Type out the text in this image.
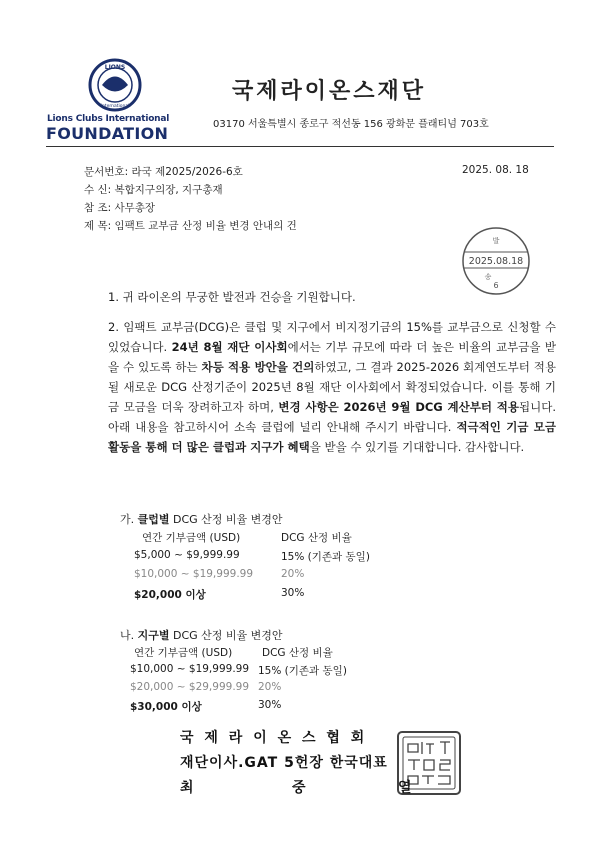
LIONS
International
Lions Clubs International
FOUNDATION
국제라이온스재단
03170 서울특별시 종로구 적선동 156 광화문 플래티넘 703호
문서번호: 라국 제2025/2026-6호
수 신: 복합지구의장, 지구총재
참 조: 사무총장
제 목: 임팩트 교부금 산정 비율 변경 안내의 건
2025. 08. 18
발
2025.08.18
송
6
1. 귀 라이온의 무궁한 발전과 건승을 기원합니다.
2. 임팩트 교부금(DCG)은 클럽 및 지구에서 비지정기금의 15%를 교부금으로 신청할 수 있었습니다. 24년 8월 재단 이사회에서는 기부 규모에 따라 더 높은 비율의 교부금을 받을 수 있도록 하는 차등 적용 방안을 건의하였고, 그 결과 2025-2026 회계연도부터 적용될 새로운 DCG 산정기준이 2025년 8월 재단 이사회에서 확정되었습니다. 이를 통해 기금 모금을 더욱 장려하고자 하며, 변경 사항은 2026년 9월 DCG 계산부터 적용됩니다. 아래 내용을 참고하시어 소속 클럽에 널리 안내해 주시기 바랍니다. 적극적인 기금 모금 활동을 통해 더 많은 클럽과 지구가 혜택을 받을 수 있기를 기대합니다. 감사합니다.
가. 클럽별 DCG 산정 비율 변경안
연간 기부금액 (USD)	DCG 산정 비율
$5,000 ~ $9,999.99	15% (기존과 동일)
$10,000 ~ $19,999.99	20%
$20,000 이상	30%
나. 지구별 DCG 산정 비율 변경안
연간 기부금액 (USD)	DCG 산정 비율
$10,000 ~ $19,999.99 15% (기존과 동일)
$20,000 ~ $29,999.99 20%
$30,000 이상	30%
국 제 라 이 온 스 협 회
재단이사.GAT 5헌장 한국대표
최	중	열
